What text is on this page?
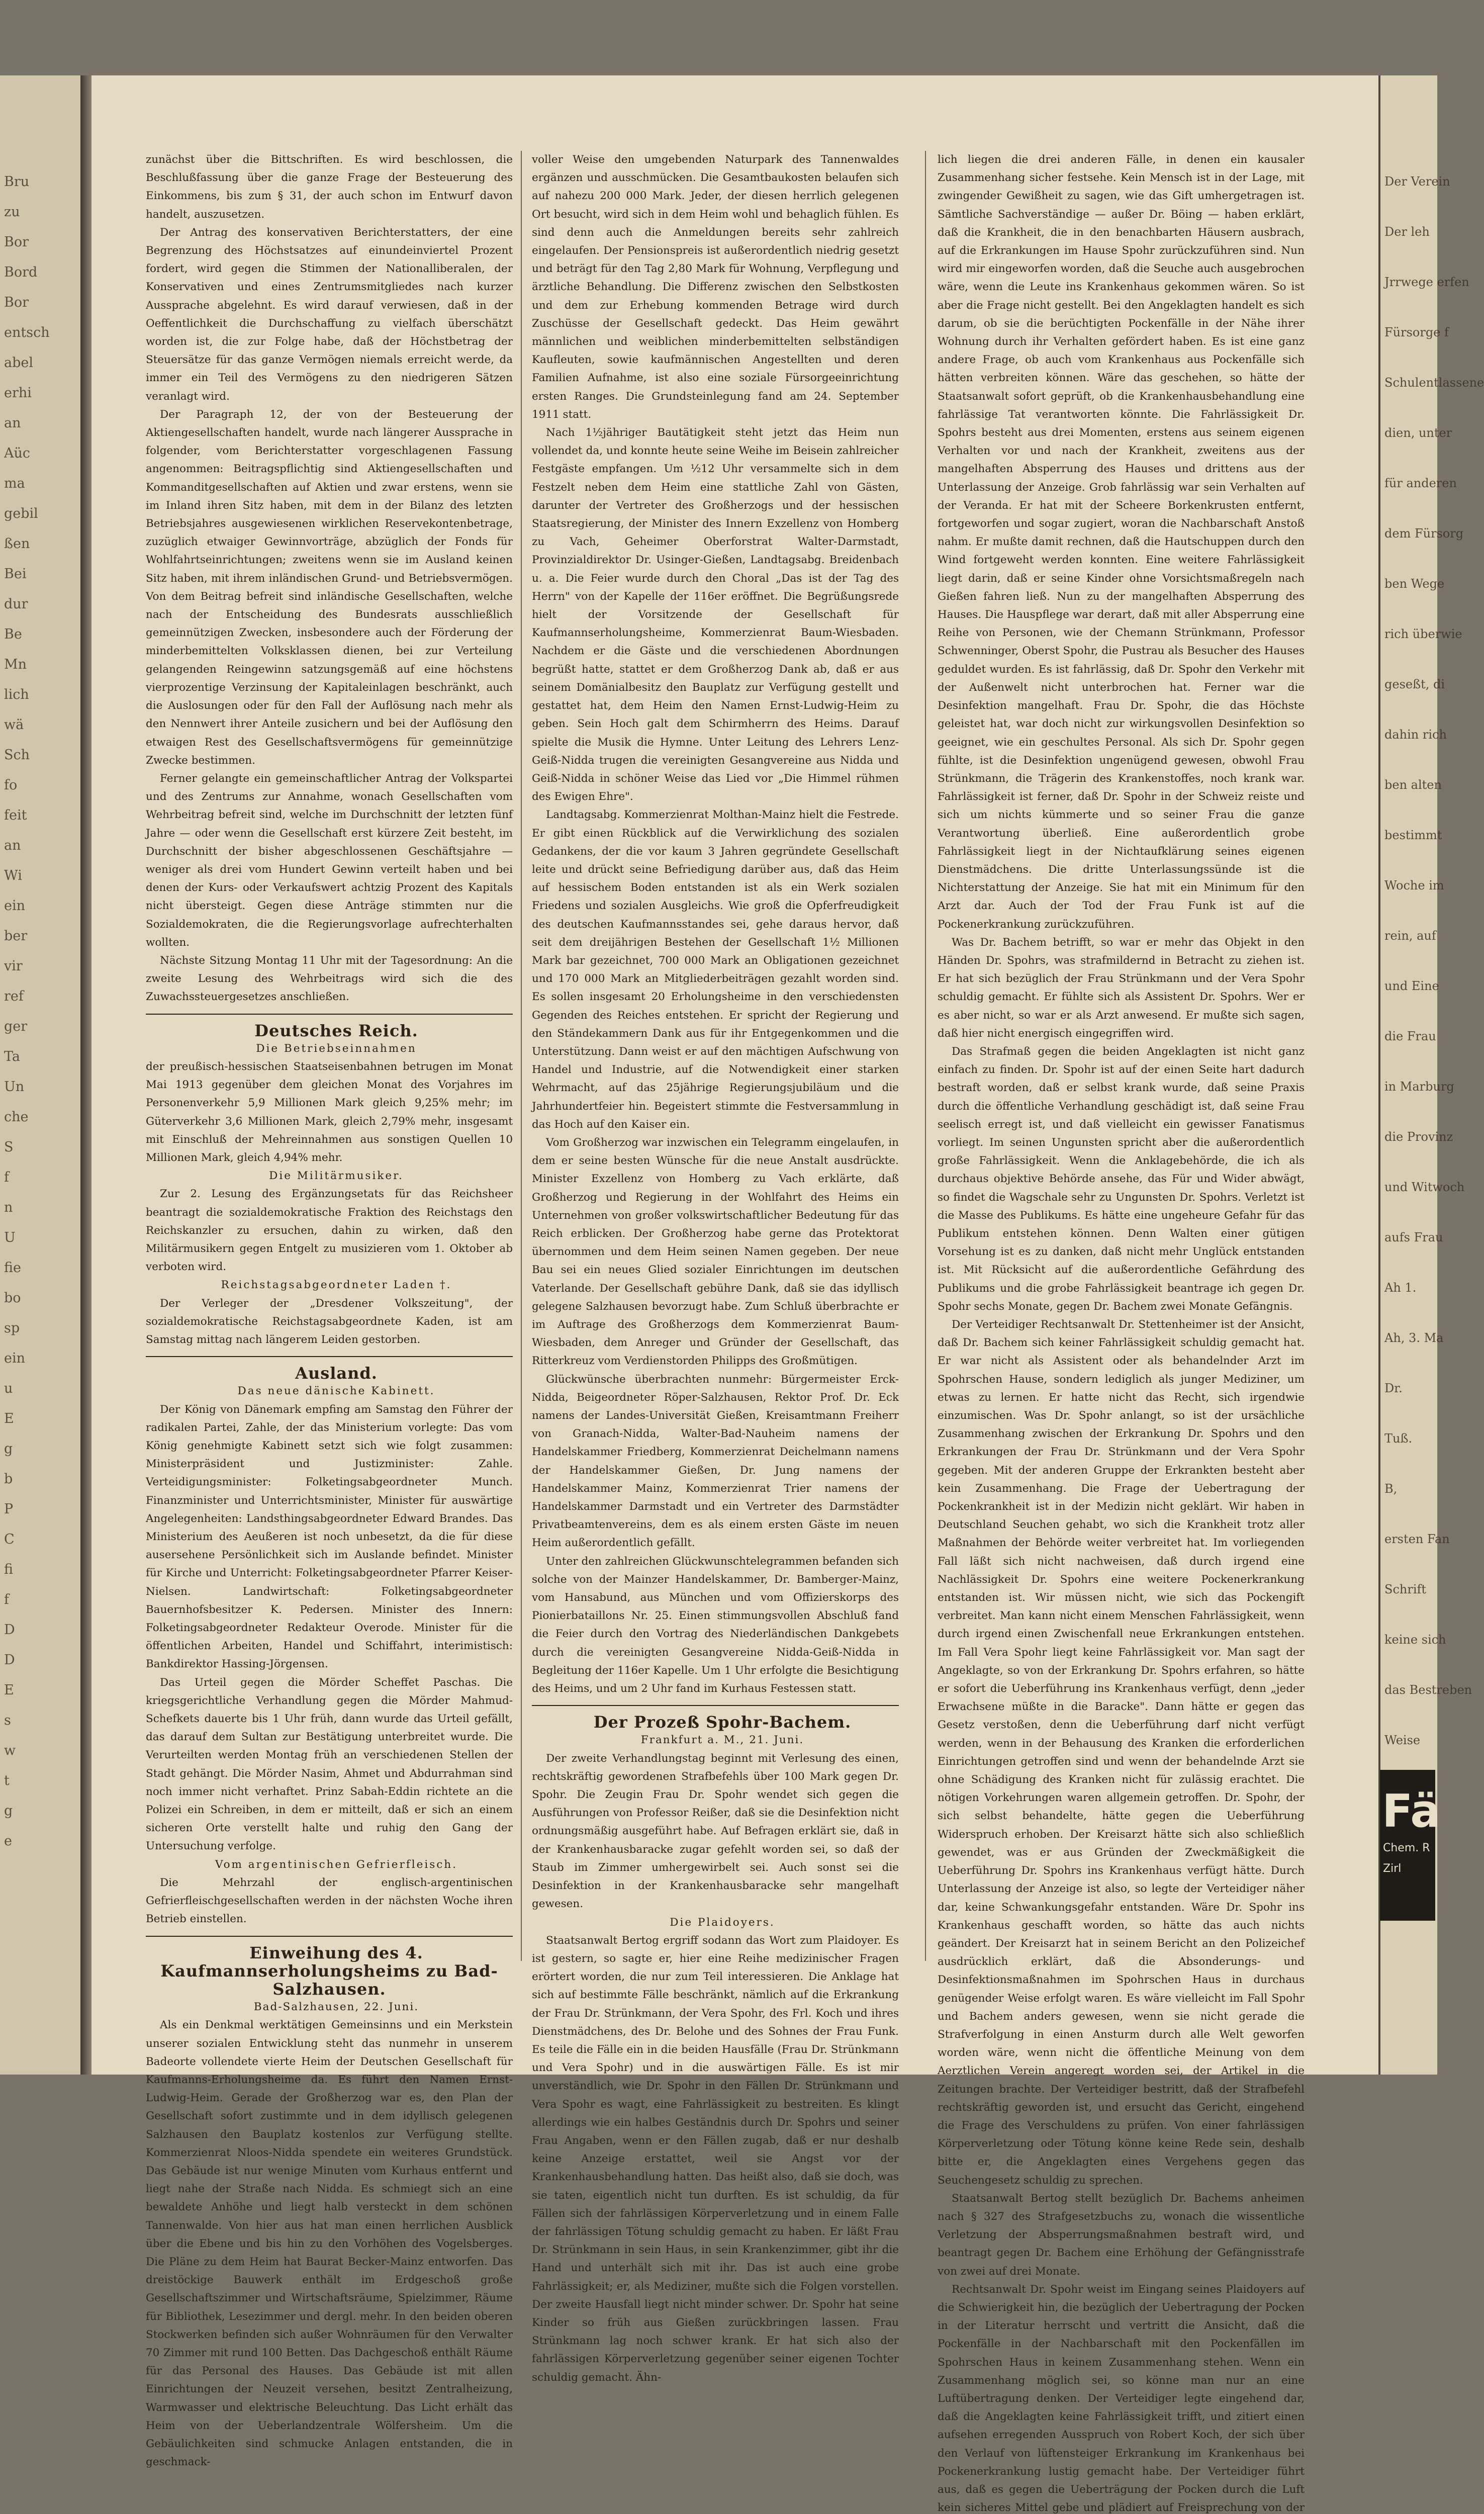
Bru
zu
Bor
Bord
Bor
entsch
abel
erhi
an
Aüc
ma
gebil
ßen
Bei
dur
Be
Mn
lich
wä
Sch
fo
feit
an
Wi
ein
ber
vir
ref
ger
Ta
Un
che
S
f
n
U
fie
bo
sp
ein
u
E
g
b
P
C
fi
f
D
D
E
s
w
t
g
e

zunächst über die Bittschriften. Es wird beschlossen, die Beschlußfassung über die ganze Frage der Besteuerung des Einkommens, bis zum § 31, der auch schon im Entwurf davon handelt, auszusetzen.

Der Antrag des konservativen Berichterstatters, der eine Begrenzung des Höchstsatzes auf einundeinviertel Prozent fordert, wird gegen die Stimmen der Nationalliberalen, der Konservativen und eines Zentrumsmitgliedes nach kurzer Aussprache abgelehnt. Es wird darauf verwiesen, daß in der Oeffentlichkeit die Durchschaffung zu vielfach überschätzt worden ist, die zur Folge habe, daß der Höchstbetrag der Steuersätze für das ganze Vermögen niemals erreicht werde, da immer ein Teil des Vermögens zu den niedrigeren Sätzen veranlagt wird.

Der Paragraph 12, der von der Besteuerung der Aktiengesellschaften handelt, wurde nach längerer Aussprache in folgender, vom Berichterstatter vorgeschlagenen Fassung angenommen: Beitragspflichtig sind Aktiengesellschaften und Kommanditgesellschaften auf Aktien und zwar erstens, wenn sie im Inland ihren Sitz haben, mit dem in der Bilanz des letzten Betriebsjahres ausgewiesenen wirklichen Reservekontenbetrage, zuzüglich etwaiger Gewinnvorträge, abzüglich der Fonds für Wohlfahrtseinrichtungen; zweitens wenn sie im Ausland keinen Sitz haben, mit ihrem inländischen Grund- und Betriebsvermögen. Von dem Beitrag befreit sind inländische Gesellschaften, welche nach der Entscheidung des Bundesrats ausschließlich gemeinnützigen Zwecken, insbesondere auch der Förderung der minderbemittelten Volksklassen dienen, bei zur Verteilung gelangenden Reingewinn satzungsgemäß auf eine höchstens vierprozentige Verzinsung der Kapitaleinlagen beschränkt, auch die Auslosungen oder für den Fall der Auflösung nach mehr als den Nennwert ihrer Anteile zusichern und bei der Auflösung den etwaigen Rest des Gesellschaftsvermögens für gemeinnützige Zwecke bestimmen.

Ferner gelangte ein gemeinschaftlicher Antrag der Volkspartei und des Zentrums zur Annahme, wonach Gesellschaften vom Wehrbeitrag befreit sind, welche im Durchschnitt der letzten fünf Jahre — oder wenn die Gesellschaft erst kürzere Zeit besteht, im Durchschnitt der bisher abgeschlossenen Geschäftsjahre — weniger als drei vom Hundert Gewinn verteilt haben und bei denen der Kurs- oder Verkaufswert achtzig Prozent des Kapitals nicht übersteigt. Gegen diese Anträge stimmten nur die Sozialdemokraten, die die Regierungsvorlage aufrechterhalten wollten.

Nächste Sitzung Montag 11 Uhr mit der Tagesordnung: An die zweite Lesung des Wehrbeitrags wird sich die des Zuwachssteuergesetzes anschließen.

Deutsches Reich.

Die Betriebseinnahmen

der preußisch-hessischen Staatseisenbahnen betrugen im Monat Mai 1913 gegenüber dem gleichen Monat des Vorjahres im Personenverkehr 5,9 Millionen Mark gleich 9,25% mehr; im Güterverkehr 3,6 Millionen Mark, gleich 2,79% mehr, insgesamt mit Einschluß der Mehreinnahmen aus sonstigen Quellen 10 Millionen Mark, gleich 4,94% mehr.

Die Militärmusiker.

Zur 2. Lesung des Ergänzungsetats für das Reichsheer beantragt die sozialdemokratische Fraktion des Reichstags den Reichskanzler zu ersuchen, dahin zu wirken, daß den Militärmusikern gegen Entgelt zu musizieren vom 1. Oktober ab verboten wird.

Reichstagsabgeordneter Laden †.

Der Verleger der „Dresdener Volkszeitung", der sozialdemokratische Reichstagsabgeordnete Kaden, ist am Samstag mittag nach längerem Leiden gestorben.

Ausland.

Das neue dänische Kabinett.

Der König von Dänemark empfing am Samstag den Führer der radikalen Partei, Zahle, der das Ministerium vorlegte: Das vom König genehmigte Kabinett setzt sich wie folgt zusammen: Ministerpräsident und Justizminister: Zahle. Verteidigungsminister: Folketingsabgeordneter Munch. Finanzminister und Unterrichtsminister, Minister für auswärtige Angelegenheiten: Landsthingsabgeordneter Edward Brandes. Das Ministerium des Aeußeren ist noch unbesetzt, da die für diese ausersehene Persönlichkeit sich im Auslande befindet. Minister für Kirche und Unterricht: Folketingsabgeordneter Pfarrer Keiser-Nielsen. Landwirtschaft: Folketingsabgeordneter Bauernhofsbesitzer K. Pedersen. Minister des Innern: Folketingsabgeordneter Redakteur Overode. Minister für die öffentlichen Arbeiten, Handel und Schiffahrt, interimistisch: Bankdirektor Hassing-Jörgensen.

Das Urteil gegen die Mörder Scheffet Paschas. Die kriegsgerichtliche Verhandlung gegen die Mörder Mahmud-Schefkets dauerte bis 1 Uhr früh, dann wurde das Urteil gefällt, das darauf dem Sultan zur Bestätigung unterbreitet wurde. Die Verurteilten werden Montag früh an verschiedenen Stellen der Stadt gehängt. Die Mörder Nasim, Ahmet und Abdurrahman sind noch immer nicht verhaftet. Prinz Sabah-Eddin richtete an die Polizei ein Schreiben, in dem er mitteilt, daß er sich an einem sicheren Orte verstellt halte und ruhig den Gang der Untersuchung verfolge.

Vom argentinischen Gefrierfleisch.

Die Mehrzahl der englisch-argentinischen Gefrierfleischgesellschaften werden in der nächsten Woche ihren Betrieb einstellen.

Einweihung des 4. Kaufmannserholungsheims zu Bad-Salzhausen.

Bad-Salzhausen, 22. Juni.

Als ein Denkmal werktätigen Gemeinsinns und ein Merkstein unserer sozialen Entwicklung steht das nunmehr in unserem Badeorte vollendete vierte Heim der Deutschen Gesellschaft für Kaufmanns-Erholungsheime da. Es führt den Namen Ernst-Ludwig-Heim. Gerade der Großherzog war es, den Plan der Gesellschaft sofort zustimmte und in dem idyllisch gelegenen Salzhausen den Bauplatz kostenlos zur Verfügung stellte. Kommerzienrat Nloos-Nidda spendete ein weiteres Grundstück. Das Gebäude ist nur wenige Minuten vom Kurhaus entfernt und liegt nahe der Straße nach Nidda. Es schmiegt sich an eine bewaldete Anhöhe und liegt halb versteckt in dem schönen Tannenwalde. Von hier aus hat man einen herrlichen Ausblick über die Ebene und bis hin zu den Vorhöhen des Vogelsberges. Die Pläne zu dem Heim hat Baurat Becker-Mainz entworfen. Das dreistöckige Bauwerk enthält im Erdgeschoß große Gesellschaftszimmer und Wirtschaftsräume, Spielzimmer, Räume für Bibliothek, Lesezimmer und dergl. mehr. In den beiden oberen Stockwerken befinden sich außer Wohnräumen für den Verwalter 70 Zimmer mit rund 100 Betten. Das Dachgeschoß enthält Räume für das Personal des Hauses. Das Gebäude ist mit allen Einrichtungen der Neuzeit versehen, besitzt Zentralheizung, Warmwasser und elektrische Beleuchtung. Das Licht erhält das Heim von der Ueberlandzentrale Wölfersheim. Um die Gebäulichkeiten sind schmucke Anlagen entstanden, die in geschmack-

voller Weise den umgebenden Naturpark des Tannenwaldes ergänzen und ausschmücken. Die Gesamtbaukosten belaufen sich auf nahezu 200 000 Mark. Jeder, der diesen herrlich gelegenen Ort besucht, wird sich in dem Heim wohl und behaglich fühlen. Es sind denn auch die Anmeldungen bereits sehr zahlreich eingelaufen. Der Pensionspreis ist außerordentlich niedrig gesetzt und beträgt für den Tag 2,80 Mark für Wohnung, Verpflegung und ärztliche Behandlung. Die Differenz zwischen den Selbstkosten und dem zur Erhebung kommenden Betrage wird durch Zuschüsse der Gesellschaft gedeckt. Das Heim gewährt männlichen und weiblichen minderbemittelten selbständigen Kaufleuten, sowie kaufmännischen Angestellten und deren Familien Aufnahme, ist also eine soziale Fürsorgeeinrichtung ersten Ranges. Die Grundsteinlegung fand am 24. September 1911 statt.

Nach 1½jähriger Bautätigkeit steht jetzt das Heim nun vollendet da, und konnte heute seine Weihe im Beisein zahlreicher Festgäste empfangen. Um ½12 Uhr versammelte sich in dem Festzelt neben dem Heim eine stattliche Zahl von Gästen, darunter der Vertreter des Großherzogs und der hessischen Staatsregierung, der Minister des Innern Exzellenz von Homberg zu Vach, Geheimer Oberforstrat Walter-Darmstadt, Provinzialdirektor Dr. Usinger-Gießen, Landtagsabg. Breidenbach u. a. Die Feier wurde durch den Choral „Das ist der Tag des Herrn" von der Kapelle der 116er eröffnet. Die Begrüßungsrede hielt der Vorsitzende der Gesellschaft für Kaufmannserholungsheime, Kommerzienrat Baum-Wiesbaden. Nachdem er die Gäste und die verschiedenen Abordnungen begrüßt hatte, stattet er dem Großherzog Dank ab, daß er aus seinem Domänialbesitz den Bauplatz zur Verfügung gestellt und gestattet hat, dem Heim den Namen Ernst-Ludwig-Heim zu geben. Sein Hoch galt dem Schirmherrn des Heims. Darauf spielte die Musik die Hymne. Unter Leitung des Lehrers Lenz-Geiß-Nidda trugen die vereinigten Gesangvereine aus Nidda und Geiß-Nidda in schöner Weise das Lied vor „Die Himmel rühmen des Ewigen Ehre".

Landtagsabg. Kommerzienrat Molthan-Mainz hielt die Festrede. Er gibt einen Rückblick auf die Verwirklichung des sozialen Gedankens, der die vor kaum 3 Jahren gegründete Gesellschaft leite und drückt seine Befriedigung darüber aus, daß das Heim auf hessischem Boden entstanden ist als ein Werk sozialen Friedens und sozialen Ausgleichs. Wie groß die Opferfreudigkeit des deutschen Kaufmannsstandes sei, gehe daraus hervor, daß seit dem dreijährigen Bestehen der Gesellschaft 1½ Millionen Mark bar gezeichnet, 700 000 Mark an Obligationen gezeichnet und 170 000 Mark an Mitgliederbeiträgen gezahlt worden sind. Es sollen insgesamt 20 Erholungsheime in den verschiedensten Gegenden des Reiches entstehen. Er spricht der Regierung und den Ständekammern Dank aus für ihr Entgegenkommen und die Unterstützung. Dann weist er auf den mächtigen Aufschwung von Handel und Industrie, auf die Notwendigkeit einer starken Wehrmacht, auf das 25jährige Regierungsjubiläum und die Jahrhundertfeier hin. Begeistert stimmte die Festversammlung in das Hoch auf den Kaiser ein.

Vom Großherzog war inzwischen ein Telegramm eingelaufen, in dem er seine besten Wünsche für die neue Anstalt ausdrückte. Minister Exzellenz von Homberg zu Vach erklärte, daß Großherzog und Regierung in der Wohlfahrt des Heims ein Unternehmen von großer volkswirtschaftlicher Bedeutung für das Reich erblicken. Der Großherzog habe gerne das Protektorat übernommen und dem Heim seinen Namen gegeben. Der neue Bau sei ein neues Glied sozialer Einrichtungen im deutschen Vaterlande. Der Gesellschaft gebühre Dank, daß sie das idyllisch gelegene Salzhausen bevorzugt habe. Zum Schluß überbrachte er im Auftrage des Großherzogs dem Kommerzienrat Baum-Wiesbaden, dem Anreger und Gründer der Gesellschaft, das Ritterkreuz vom Verdienstorden Philipps des Großmütigen.

Glückwünsche überbrachten nunmehr: Bürgermeister Erck-Nidda, Beigeordneter Röper-Salzhausen, Rektor Prof. Dr. Eck namens der Landes-Universität Gießen, Kreisamtmann Freiherr von Granach-Nidda, Walter-Bad-Nauheim namens der Handelskammer Friedberg, Kommerzienrat Deichelmann namens der Handelskammer Gießen, Dr. Jung namens der Handelskammer Mainz, Kommerzienrat Trier namens der Handelskammer Darmstadt und ein Vertreter des Darmstädter Privatbeamtenvereins, dem es als einem ersten Gäste im neuen Heim außerordentlich gefällt.

Unter den zahlreichen Glückwunschtelegrammen befanden sich solche von der Mainzer Handelskammer, Dr. Bamberger-Mainz, vom Hansabund, aus München und vom Offizierskorps des Pionierbataillons Nr. 25. Einen stimmungsvollen Abschluß fand die Feier durch den Vortrag des Niederländischen Dankgebets durch die vereinigten Gesangvereine Nidda-Geiß-Nidda in Begleitung der 116er Kapelle. Um 1 Uhr erfolgte die Besichtigung des Heims, und um 2 Uhr fand im Kurhaus Festessen statt.

Der Prozeß Spohr-Bachem.

Frankfurt a. M., 21. Juni.

Der zweite Verhandlungstag beginnt mit Verlesung des einen, rechtskräftig gewordenen Strafbefehls über 100 Mark gegen Dr. Spohr. Die Zeugin Frau Dr. Spohr wendet sich gegen die Ausführungen von Professor Reißer, daß sie die Desinfektion nicht ordnungsmäßig ausgeführt habe. Auf Befragen erklärt sie, daß in der Krankenhausbaracke zugar gefehlt worden sei, so daß der Staub im Zimmer umhergewirbelt sei. Auch sonst sei die Desinfektion in der Krankenhausbaracke sehr mangelhaft gewesen.

Die Plaidoyers.

Staatsanwalt Bertog ergriff sodann das Wort zum Plaidoyer. Es ist gestern, so sagte er, hier eine Reihe medizinischer Fragen erörtert worden, die nur zum Teil interessieren. Die Anklage hat sich auf bestimmte Fälle beschränkt, nämlich auf die Erkrankung der Frau Dr. Strünkmann, der Vera Spohr, des Frl. Koch und ihres Dienstmädchens, des Dr. Belohe und des Sohnes der Frau Funk. Es teile die Fälle ein in die beiden Hausfälle (Frau Dr. Strünkmann und Vera Spohr) und in die auswärtigen Fälle. Es ist mir unverständlich, wie Dr. Spohr in den Fällen Dr. Strünkmann und Vera Spohr es wagt, eine Fahrlässigkeit zu bestreiten. Es klingt allerdings wie ein halbes Geständnis durch Dr. Spohrs und seiner Frau Angaben, wenn er den Fällen zugab, daß er nur deshalb keine Anzeige erstattet, weil sie Angst vor der Krankenhausbehandlung hatten. Das heißt also, daß sie doch, was sie taten, eigentlich nicht tun durften. Es ist schuldig, da für Fällen sich der fahrlässigen Körperverletzung und in einem Falle der fahrlässigen Tötung schuldig gemacht zu haben. Er läßt Frau Dr. Strünkmann in sein Haus, in sein Krankenzimmer, gibt ihr die Hand und unterhält sich mit ihr. Das ist auch eine grobe Fahrlässigkeit; er, als Mediziner, mußte sich die Folgen vorstellen. Der zweite Hausfall liegt nicht minder schwer. Dr. Spohr hat seine Kinder so früh aus Gießen zurückbringen lassen. Frau Strünkmann lag noch schwer krank. Er hat sich also der fahrlässigen Körperverletzung gegenüber seiner eigenen Tochter schuldig gemacht. Ähn-

lich liegen die drei anderen Fälle, in denen ein kausaler Zusammenhang sicher festsehe. Kein Mensch ist in der Lage, mit zwingender Gewißheit zu sagen, wie das Gift umhergetragen ist. Sämtliche Sachverständige — außer Dr. Böing — haben erklärt, daß die Krankheit, die in den benachbarten Häusern ausbrach, auf die Erkrankungen im Hause Spohr zurückzuführen sind. Nun wird mir eingeworfen worden, daß die Seuche auch ausgebrochen wäre, wenn die Leute ins Krankenhaus gekommen wären. So ist aber die Frage nicht gestellt. Bei den Angeklagten handelt es sich darum, ob sie die berüchtigten Pockenfälle in der Nähe ihrer Wohnung durch ihr Verhalten gefördert haben. Es ist eine ganz andere Frage, ob auch vom Krankenhaus aus Pockenfälle sich hätten verbreiten können. Wäre das geschehen, so hätte der Staatsanwalt sofort geprüft, ob die Krankenhausbehandlung eine fahrlässige Tat verantworten könnte. Die Fahrlässigkeit Dr. Spohrs besteht aus drei Momenten, erstens aus seinem eigenen Verhalten vor und nach der Krankheit, zweitens aus der mangelhaften Absperrung des Hauses und drittens aus der Unterlassung der Anzeige. Grob fahrlässig war sein Verhalten auf der Veranda. Er hat mit der Scheere Borkenkrusten entfernt, fortgeworfen und sogar zugiert, woran die Nachbarschaft Anstoß nahm. Er mußte damit rechnen, daß die Hautschuppen durch den Wind fortgeweht werden konnten. Eine weitere Fahrlässigkeit liegt darin, daß er seine Kinder ohne Vorsichtsmaßregeln nach Gießen fahren ließ. Nun zu der mangelhaften Absperrung des Hauses. Die Hauspflege war derart, daß mit aller Absperrung eine Reihe von Personen, wie der Chemann Strünkmann, Professor Schwenninger, Oberst Spohr, die Pustrau als Besucher des Hauses geduldet wurden. Es ist fahrlässig, daß Dr. Spohr den Verkehr mit der Außenwelt nicht unterbrochen hat. Ferner war die Desinfektion mangelhaft. Frau Dr. Spohr, die das Höchste geleistet hat, war doch nicht zur wirkungsvollen Desinfektion so geeignet, wie ein geschultes Personal. Als sich Dr. Spohr gegen fühlte, ist die Desinfektion ungenügend gewesen, obwohl Frau Strünkmann, die Trägerin des Krankenstoffes, noch krank war. Fahrlässigkeit ist ferner, daß Dr. Spohr in der Schweiz reiste und sich um nichts kümmerte und so seiner Frau die ganze Verantwortung überließ. Eine außerordentlich grobe Fahrlässigkeit liegt in der Nichtaufklärung seines eigenen Dienstmädchens. Die dritte Unterlassungssünde ist die Nichterstattung der Anzeige. Sie hat mit ein Minimum für den Arzt dar. Auch der Tod der Frau Funk ist auf die Pockenerkrankung zurückzuführen.

Was Dr. Bachem betrifft, so war er mehr das Objekt in den Händen Dr. Spohrs, was strafmildernd in Betracht zu ziehen ist. Er hat sich bezüglich der Frau Strünkmann und der Vera Spohr schuldig gemacht. Er fühlte sich als Assistent Dr. Spohrs. Wer er es aber nicht, so war er als Arzt anwesend. Er mußte sich sagen, daß hier nicht energisch eingegriffen wird.

Das Strafmaß gegen die beiden Angeklagten ist nicht ganz einfach zu finden. Dr. Spohr ist auf der einen Seite hart dadurch bestraft worden, daß er selbst krank wurde, daß seine Praxis durch die öffentliche Verhandlung geschädigt ist, daß seine Frau seelisch erregt ist, und daß vielleicht ein gewisser Fanatismus vorliegt. Im seinen Ungunsten spricht aber die außerordentlich große Fahrlässigkeit. Wenn die Anklagebehörde, die ich als durchaus objektive Behörde ansehe, das Für und Wider abwägt, so findet die Wagschale sehr zu Ungunsten Dr. Spohrs. Verletzt ist die Masse des Publikums. Es hätte eine ungeheure Gefahr für das Publikum entstehen können. Denn Walten einer gütigen Vorsehung ist es zu danken, daß nicht mehr Unglück entstanden ist. Mit Rücksicht auf die außerordentliche Gefährdung des Publikums und die grobe Fahrlässigkeit beantrage ich gegen Dr. Spohr sechs Monate, gegen Dr. Bachem zwei Monate Gefängnis.

Der Verteidiger Rechtsanwalt Dr. Stettenheimer ist der Ansicht, daß Dr. Bachem sich keiner Fahrlässigkeit schuldig gemacht hat. Er war nicht als Assistent oder als behandelnder Arzt im Spohrschen Hause, sondern lediglich als junger Mediziner, um etwas zu lernen. Er hatte nicht das Recht, sich irgendwie einzumischen. Was Dr. Spohr anlangt, so ist der ursächliche Zusammenhang zwischen der Erkrankung Dr. Spohrs und den Erkrankungen der Frau Dr. Strünkmann und der Vera Spohr gegeben. Mit der anderen Gruppe der Erkrankten besteht aber kein Zusammenhang. Die Frage der Uebertragung der Pockenkrankheit ist in der Medizin nicht geklärt. Wir haben in Deutschland Seuchen gehabt, wo sich die Krankheit trotz aller Maßnahmen der Behörde weiter verbreitet hat. Im vorliegenden Fall läßt sich nicht nachweisen, daß durch irgend eine Nachlässigkeit Dr. Spohrs eine weitere Pockenerkrankung entstanden ist. Wir müssen nicht, wie sich das Pockengift verbreitet. Man kann nicht einem Menschen Fahrlässigkeit, wenn durch irgend einen Zwischenfall neue Erkrankungen entstehen. Im Fall Vera Spohr liegt keine Fahrlässigkeit vor. Man sagt der Angeklagte, so von der Erkrankung Dr. Spohrs erfahren, so hätte er sofort die Ueberführung ins Krankenhaus verfügt, denn „jeder Erwachsene müßte in die Baracke". Dann hätte er gegen das Gesetz verstoßen, denn die Ueberführung darf nicht verfügt werden, wenn in der Behausung des Kranken die erforderlichen Einrichtungen getroffen sind und wenn der behandelnde Arzt sie ohne Schädigung des Kranken nicht für zulässig erachtet. Die nötigen Vorkehrungen waren allgemein getroffen. Dr. Spohr, der sich selbst behandelte, hätte gegen die Ueberführung Widerspruch erhoben. Der Kreisarzt hätte sich also schließlich gewendet, was er aus Gründen der Zweckmäßigkeit die Ueberführung Dr. Spohrs ins Krankenhaus verfügt hätte. Durch Unterlassung der Anzeige ist also, so legte der Verteidiger näher dar, keine Schwankungsgefahr entstanden. Wäre Dr. Spohr ins Krankenhaus geschafft worden, so hätte das auch nichts geändert. Der Kreisarzt hat in seinem Bericht an den Polizeichef ausdrücklich erklärt, daß die Absonderungs- und Desinfektionsmaßnahmen im Spohrschen Haus in durchaus genügender Weise erfolgt waren. Es wäre vielleicht im Fall Spohr und Bachem anders gewesen, wenn sie nicht gerade die Strafverfolgung in einen Ansturm durch alle Welt geworfen worden wäre, wenn nicht die öffentliche Meinung von dem Aerztlichen Verein angeregt worden sei, der Artikel in die Zeitungen brachte. Der Verteidiger bestritt, daß der Strafbefehl rechtskräftig geworden ist, und ersucht das Gericht, eingehend die Frage des Verschuldens zu prüfen. Von einer fahrlässigen Körperverletzung oder Tötung könne keine Rede sein, deshalb bitte er, die Angeklagten eines Vergehens gegen das Seuchengesetz schuldig zu sprechen.

Staatsanwalt Bertog stellt bezüglich Dr. Bachems anheimen nach § 327 des Strafgesetzbuchs zu, wonach die wissentliche Verletzung der Absperrungsmaßnahmen bestraft wird, und beantragt gegen Dr. Bachem eine Erhöhung der Gefängnisstrafe von zwei auf drei Monate.

Rechtsanwalt Dr. Spohr weist im Eingang seines Plaidoyers auf die Schwierigkeit hin, die bezüglich der Uebertragung der Pocken in der Literatur herrscht und vertritt die Ansicht, daß die Pockenfälle in der Nachbarschaft mit den Pockenfällen im Spohrschen Haus in keinem Zusammenhang stehen. Wenn ein Zusammenhang möglich sei, so könne man nur an eine Luftübertragung denken. Der Verteidiger legte eingehend dar, daß die Angeklagten keine Fahrlässigkeit trifft, und zitiert einen aufsehen erregenden Ausspruch von Robert Koch, der sich über den Verlauf von lüftensteiger Erkrankung im Krankenhaus bei Pockenerkrankung lustig gemacht habe. Der Verteidiger führt aus, daß es gegen die Ueberträgung der Pocken durch die Luft kein sicheres Mittel gebe und plädiert auf Freisprechung von der

Der Verein
Der leh
Jrrwege erfen
Fürsorge f
Schulentlassene
dien, unter
für anderen
dem Fürsorg
ben Wege
rich überwie
geseßt, di
dahin rich
ben alten
bestimmt
Woche im
rein, auf
und Eine
die Frau
in Marburg
die Provinz
und Witwoch
aufs Frau
Ah 1.
Ah, 3. Ma
Dr.
Tuß.
B,
ersten Fan
Schrift
keine sich
das Bestreben
Weise
Fä
Chem. R
Zirl
